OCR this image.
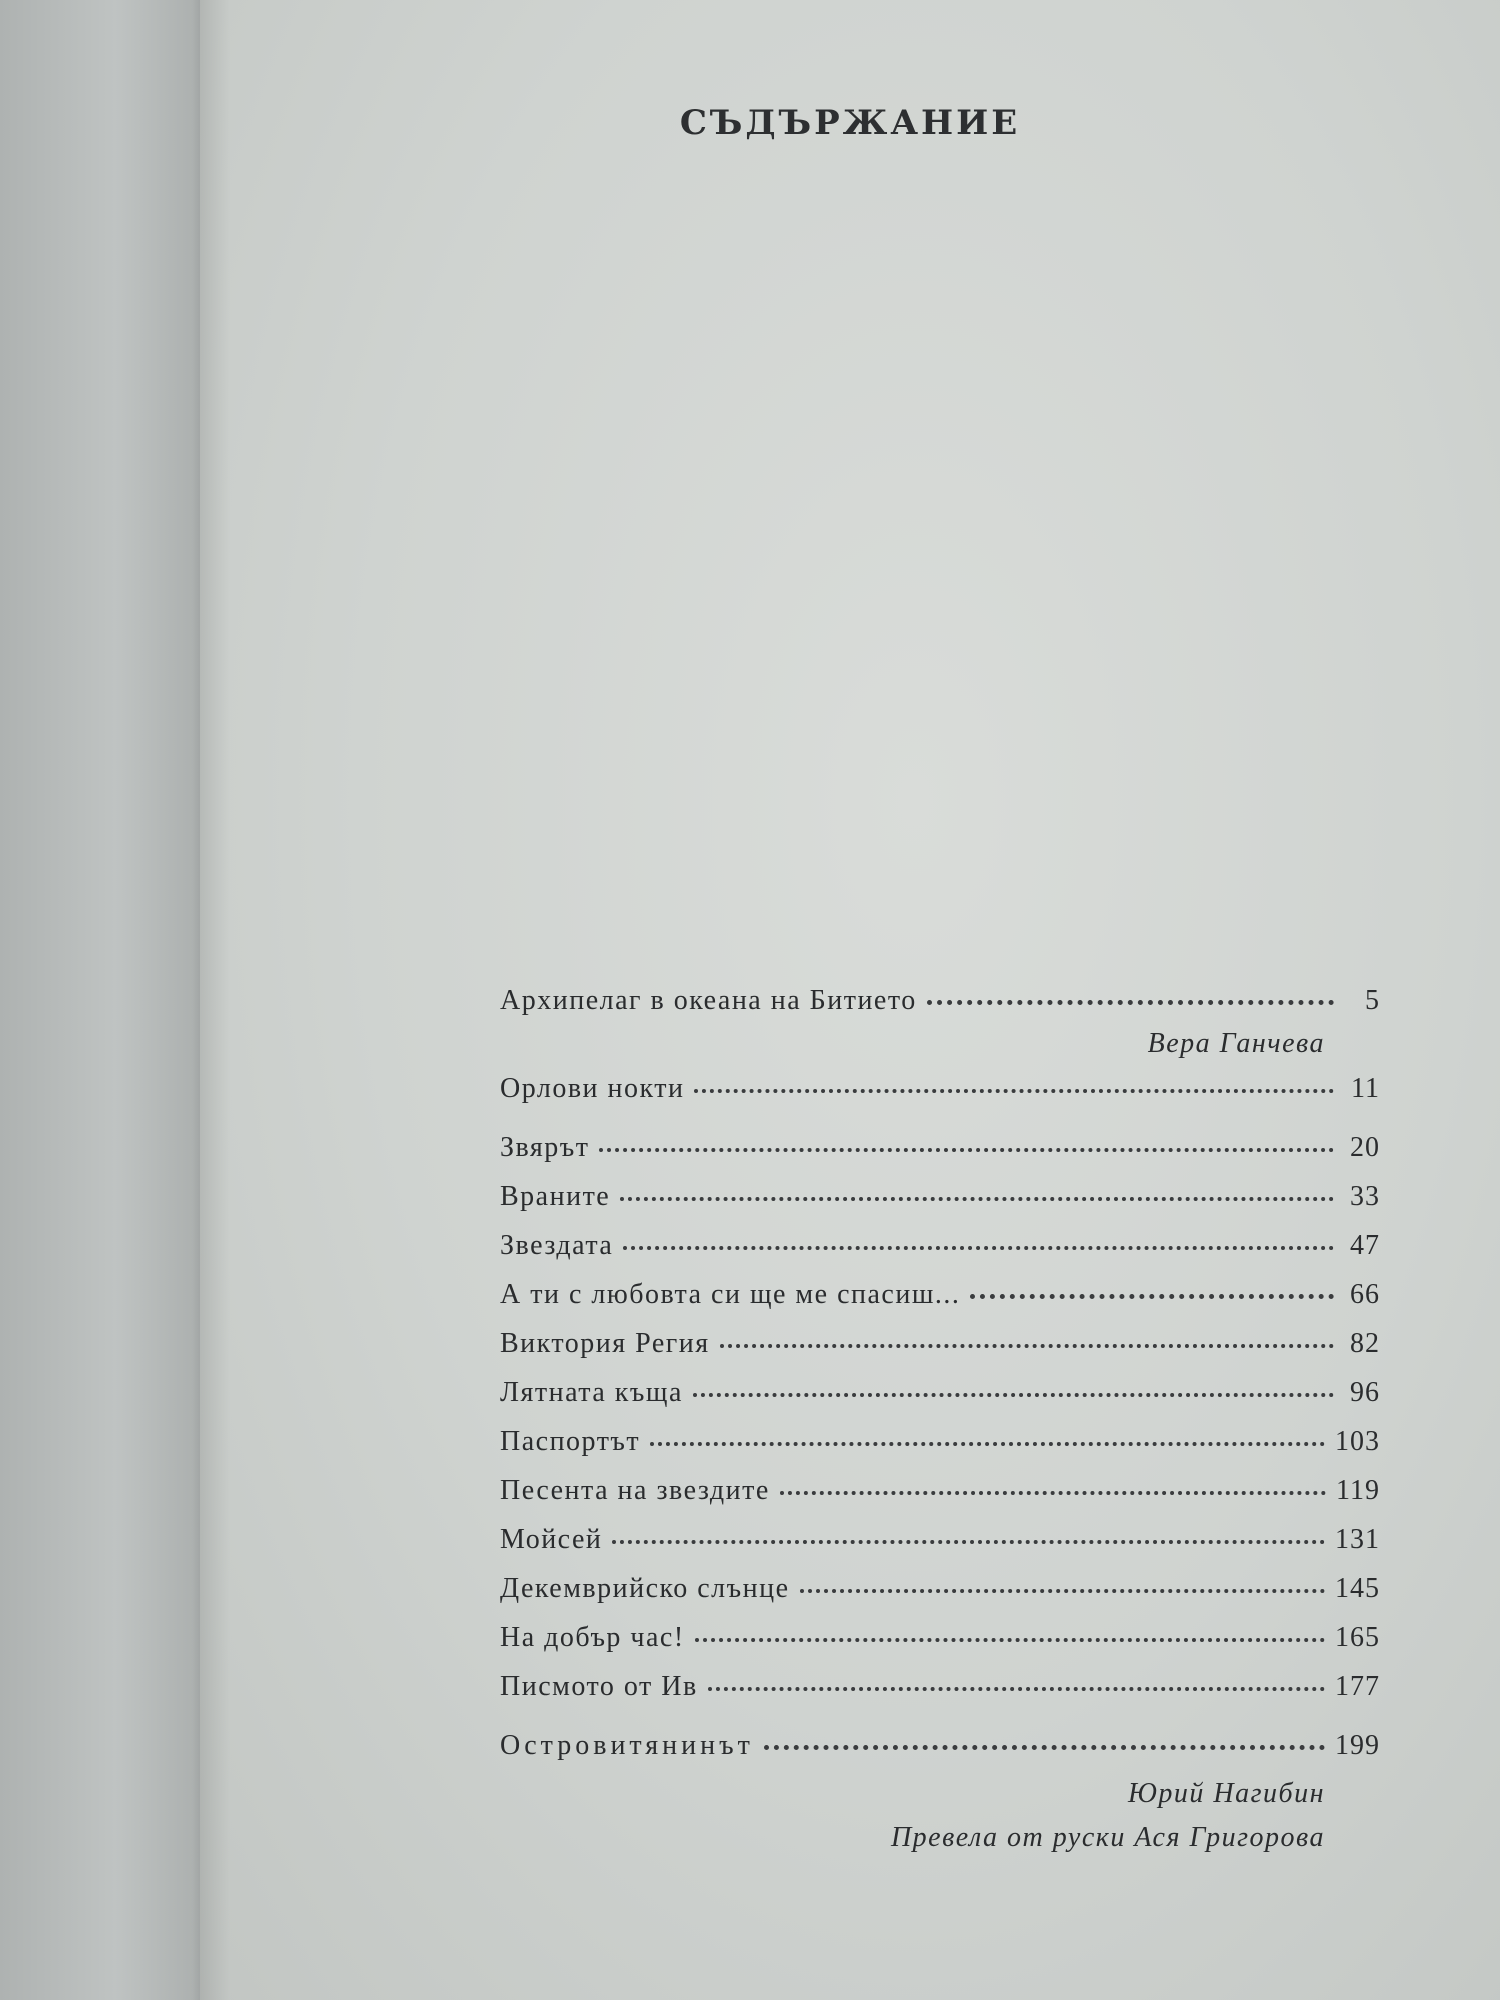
СЪДЪРЖАНИЕ
Архипелаг в океана на Битието	5
Вера Ганчева
Орлови нокти	11
Звярът	20
Враните	33
Звездата	47
А ти с любовта си ще ме спасиш...	66
Виктория Регия	82
Лятната къща	96
Паспортът	103
Песента на звездите	119
Мойсей	131
Декемврийско слънце	145
На добър час!	165
Писмото от Ив	177
Островитянинът	199
Юрий Нагибин
Превела от руски Ася Григорова
